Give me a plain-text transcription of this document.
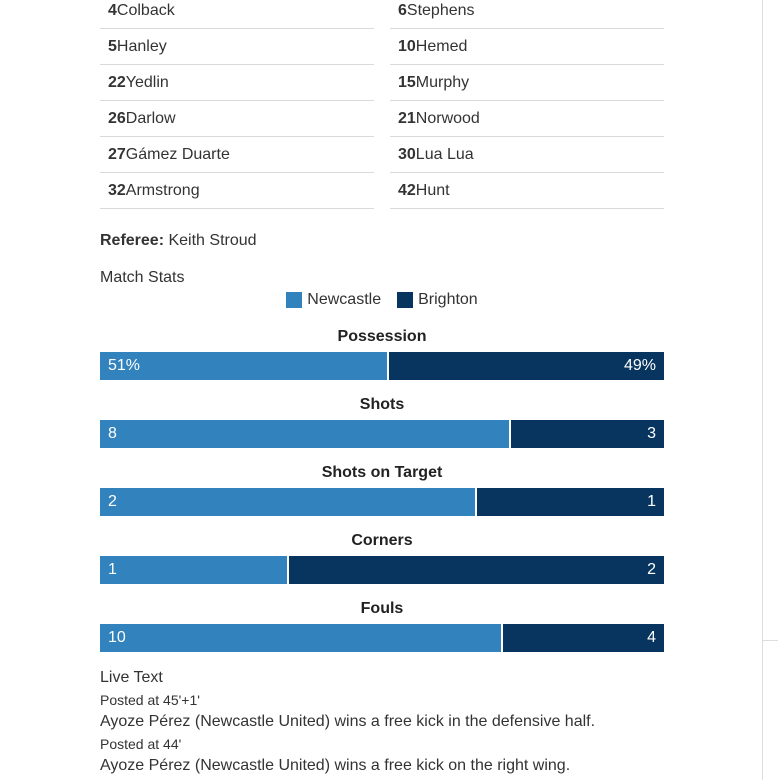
4Colback	6Stephens
5Hanley	10Hemed
22Yedlin	15Murphy
26Darlow	21Norwood
27Gámez Duarte	30Lua Lua
32Armstrong	42Hunt
Referee: Keith Stroud
Match Stats
Newcastle Brighton
Possession
51%	49%
Shots
8	3
Shots on Target
2	1
Corners
1	2
Fouls
10	4
Live Text
Posted at 45'+1'
Ayoze Pérez (Newcastle United) wins a free kick in the defensive half.
Posted at 44'
Ayoze Pérez (Newcastle United) wins a free kick on the right wing.
